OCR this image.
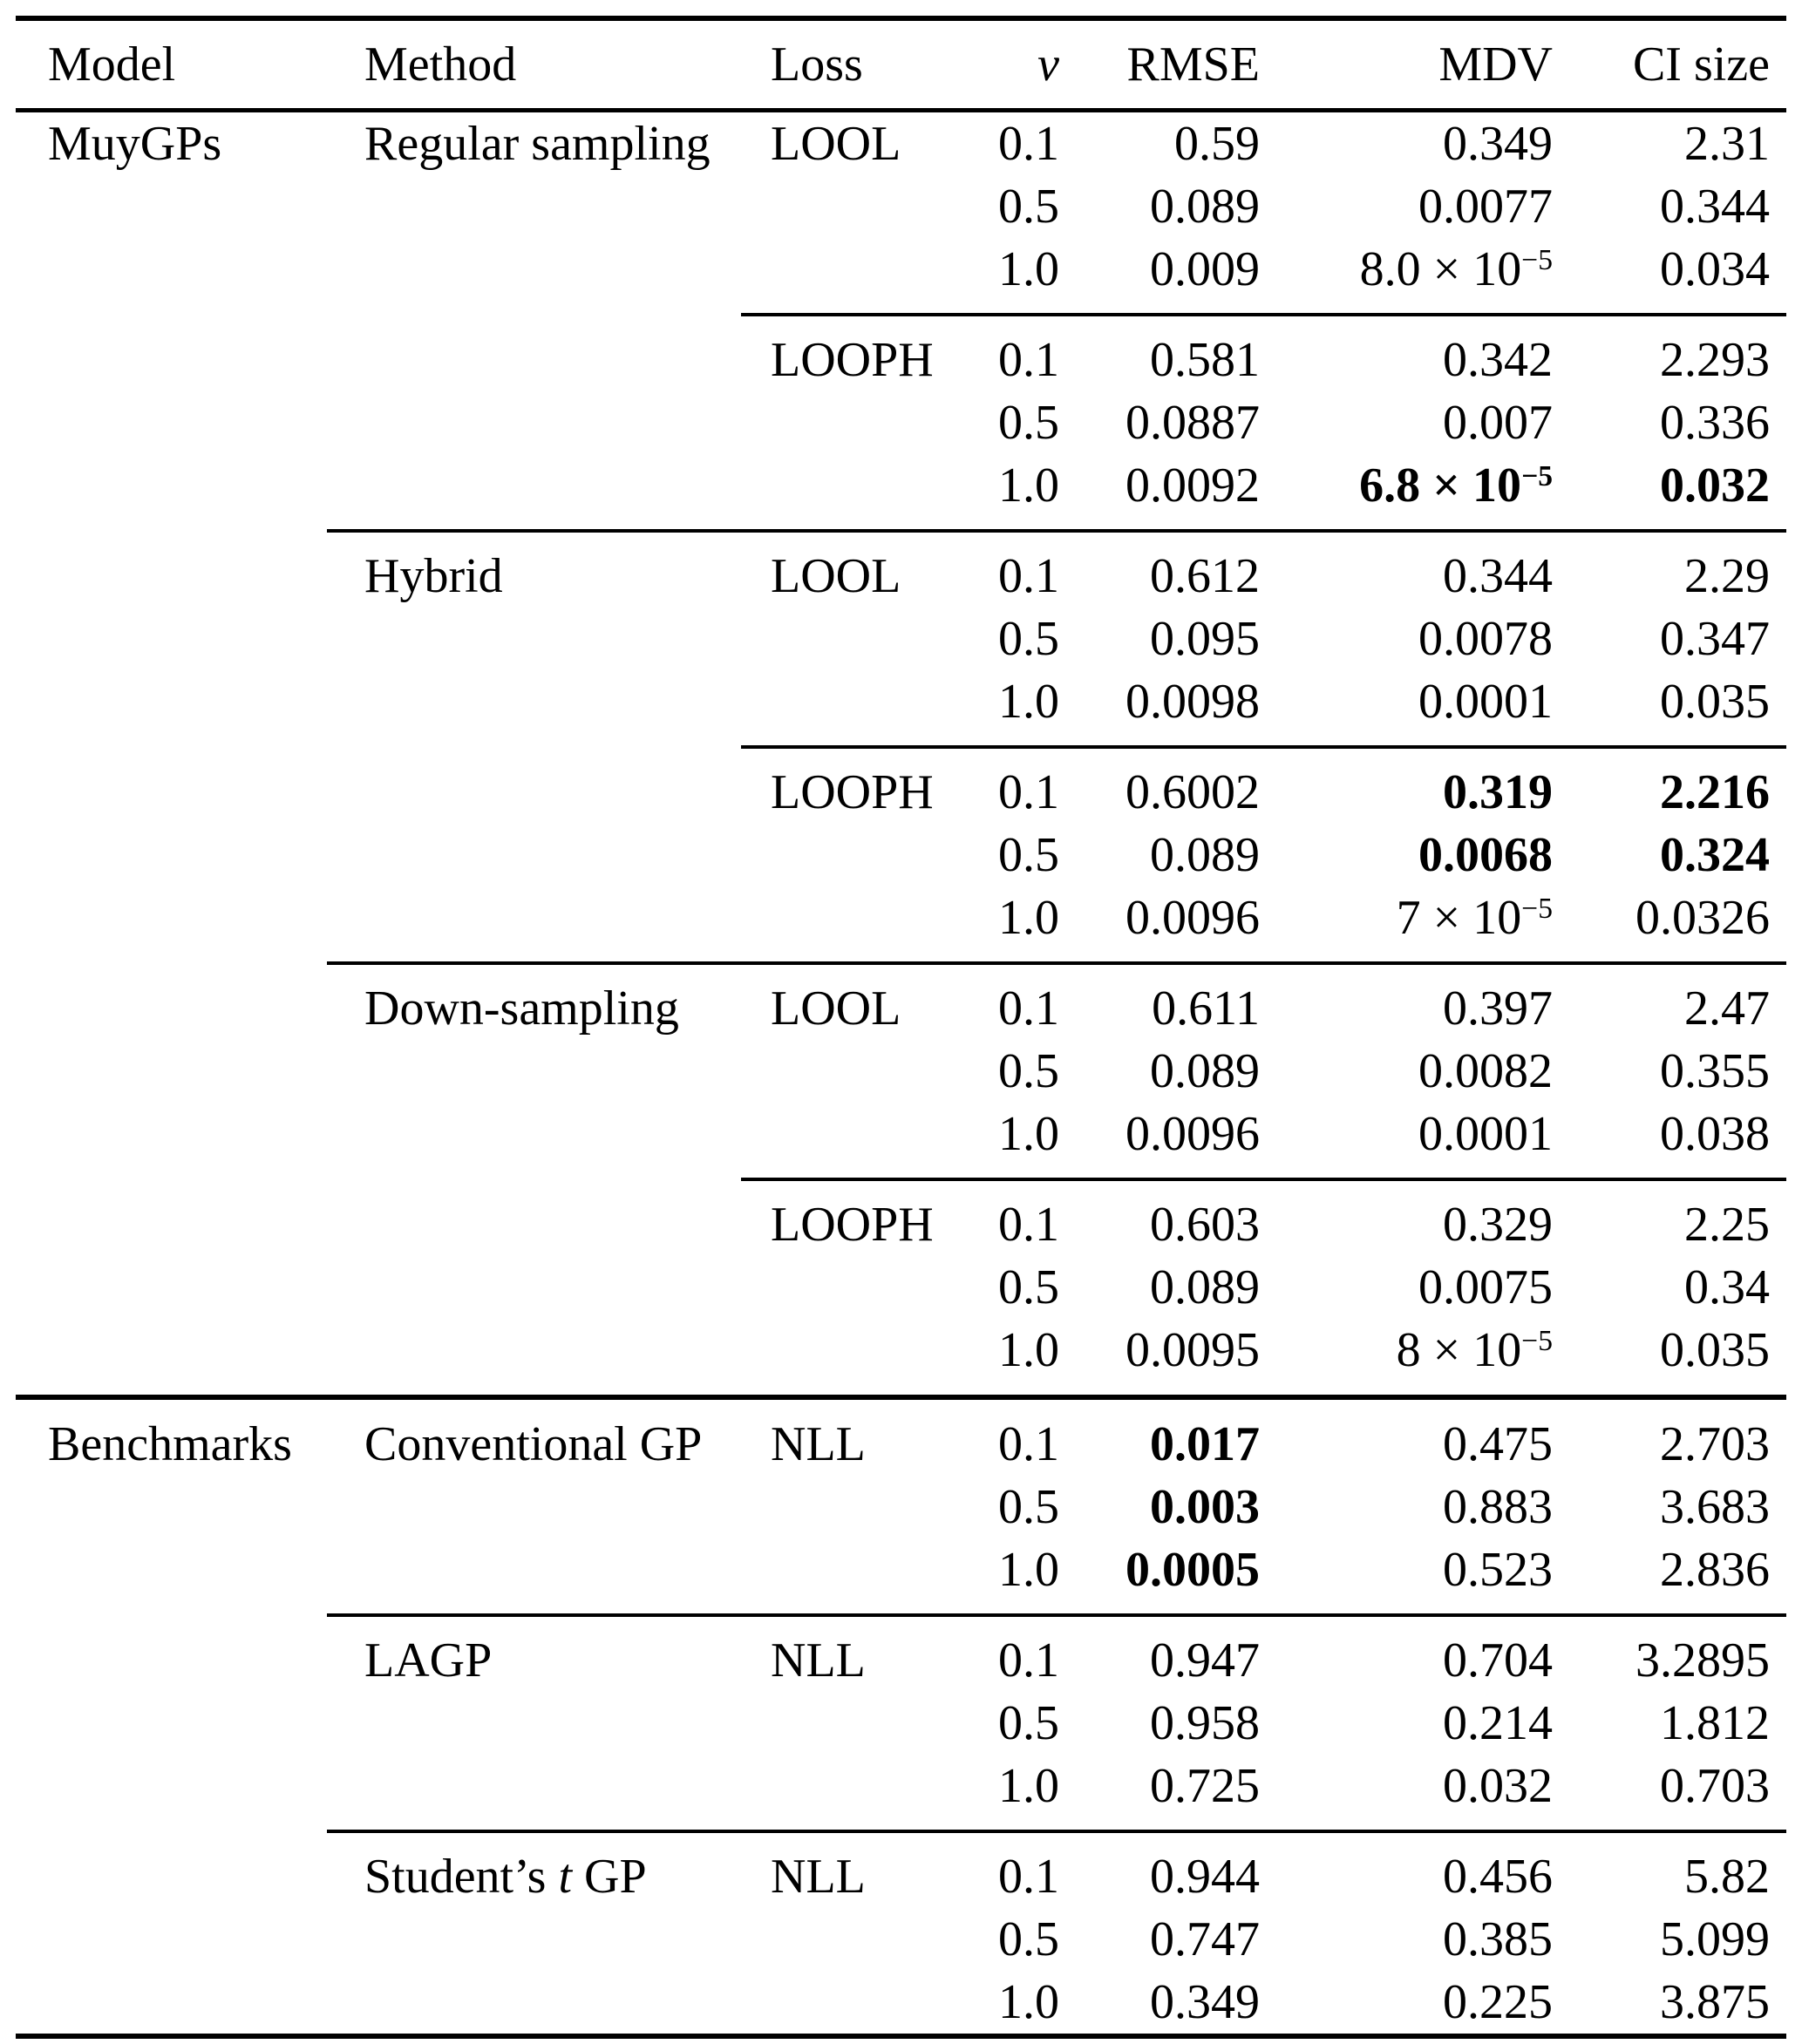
Model	Method	Loss	ν	RMSE	MDV	CI size
MuyGPs	Regular sampling	LOOL	0.1	0.59	0.349	2.31
0.5	0.089	0.0077	0.344
1.0	0.009	$8.0 \times 10^{-5}$	0.034
LOOPH	0.1	0.581	0.342	2.293
0.5	0.0887	0.007	0.336
1.0	0.0092	$6.8 \times 10^{-5}$	0.032
Hybrid	LOOL	0.1	0.612	0.344	2.29
0.5	0.095	0.0078	0.347
1.0	0.0098	0.0001	0.035
LOOPH	0.1	0.6002	0.319	2.216
0.5	0.089	0.0068	0.324
1.0	0.0096	$7 \times 10^{-5}$	0.0326
Down-sampling	LOOL	0.1	0.611	0.397	2.47
0.5	0.089	0.0082	0.355
1.0	0.0096	0.0001	0.038
LOOPH	0.1	0.603	0.329	2.25
0.5	0.089	0.0075	0.34
1.0	0.0095	$8 \times 10^{-5}$	0.035
Benchmarks	Conventional GP	NLL	0.1	0.017	0.475	2.703
0.5	0.003	0.883	3.683
1.0	0.0005	0.523	2.836
LAGP	NLL	0.1	0.947	0.704	3.2895
0.5	0.958	0.214	1.812
1.0	0.725	0.032	0.703
Student’s t GP	NLL	0.1	0.944	0.456	5.82
0.5	0.747	0.385	5.099
1.0	0.349	0.225	3.875
